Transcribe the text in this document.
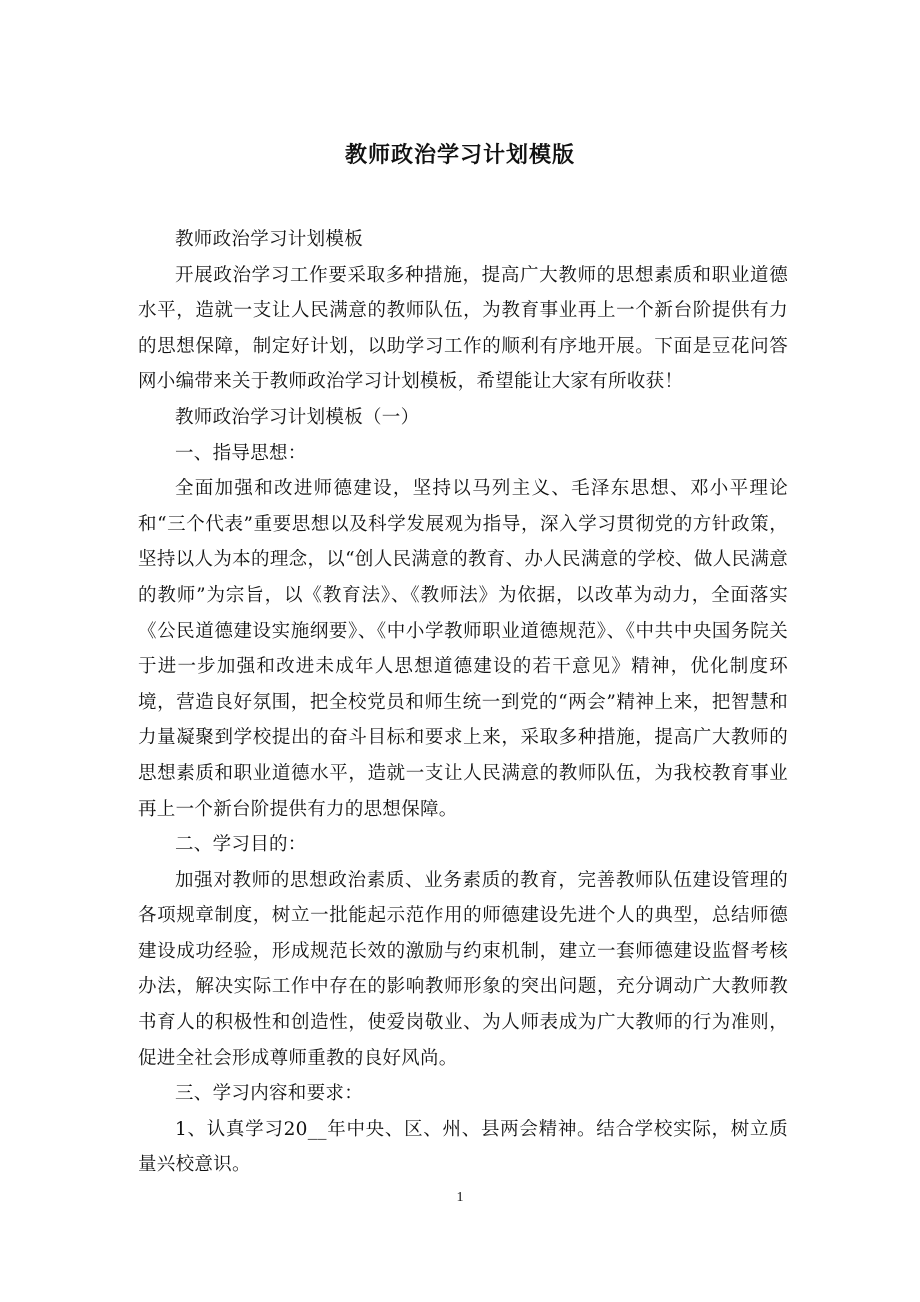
教师政治学习计划模版

教师政治学习计划模板

开展政治学习工作要采取多种措施，提高广大教师的思想素质和职业道德水平，造就一支让人民满意的教师队伍，为教育事业再上一个新台阶提供有力的思想保障，制定好计划，以助学习工作的顺利有序地开展。下面是豆花问答网小编带来关于教师政治学习计划模板，希望能让大家有所收获！

教师政治学习计划模板（一）

一、指导思想：

全面加强和改进师德建设，坚持以马列主义、毛泽东思想、邓小平理论和“三个代表”重要思想以及科学发展观为指导，深入学习贯彻党的方针政策，坚持以人为本的理念，以“创人民满意的教育、办人民满意的学校、做人民满意的教师”为宗旨，以《教育法》、《教师法》为依据，以改革为动力，全面落实《公民道德建设实施纲要》、《中小学教师职业道德规范》、《中共中央国务院关于进一步加强和改进未成年人思想道德建设的若干意见》精神，优化制度环境，营造良好氛围，把全校党员和师生统一到党的“两会”精神上来，把智慧和力量凝聚到学校提出的奋斗目标和要求上来，采取多种措施，提高广大教师的思想素质和职业道德水平，造就一支让人民满意的教师队伍，为我校教育事业再上一个新台阶提供有力的思想保障。

二、学习目的：

加强对教师的思想政治素质、业务素质的教育，完善教师队伍建设管理的各项规章制度，树立一批能起示范作用的师德建设先进个人的典型，总结师德建设成功经验，形成规范长效的激励与约束机制，建立一套师德建设监督考核办法，解决实际工作中存在的影响教师形象的突出问题，充分调动广大教师教书育人的积极性和创造性，使爱岗敬业、为人师表成为广大教师的行为准则，促进全社会形成尊师重教的良好风尚。

三、学习内容和要求：

1、认真学习20__年中央、区、州、县两会精神。结合学校实际，树立质量兴校意识。

1
